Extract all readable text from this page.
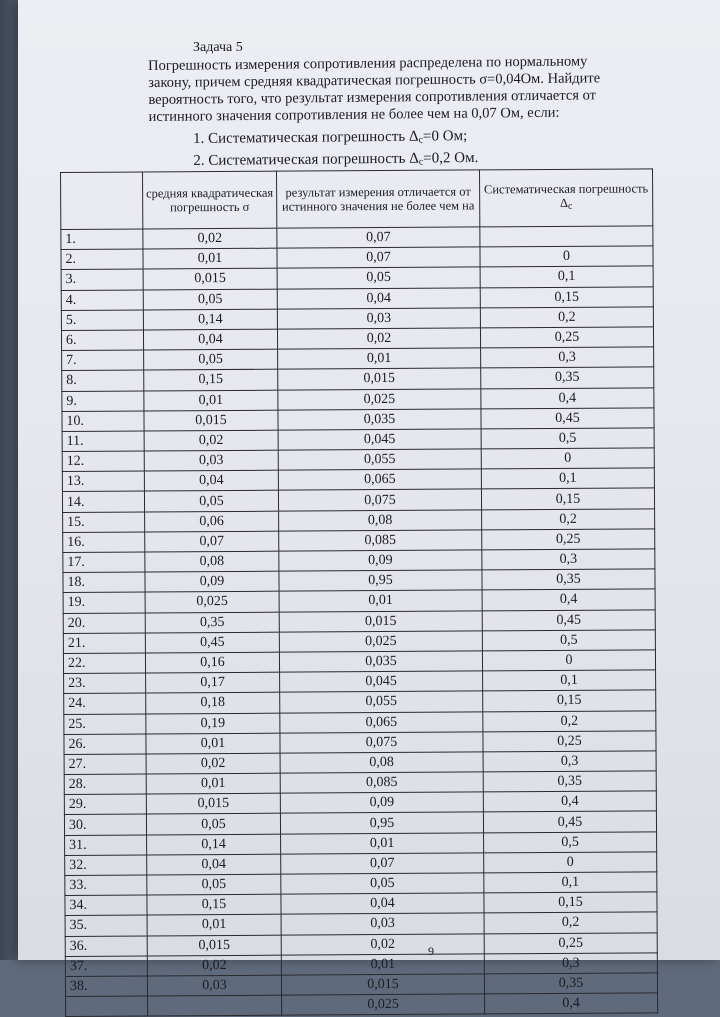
Задача 5
Погрешность измерения сопротивления распределена по нормальному
закону, причем средняя квадратическая погрешность σ=0,04Ом. Найдите
вероятность того, что результат измерения сопротивления отличается от
истинного значения сопротивления не более чем на 0,07 Ом, если:
1. Систематическая погрешность $\Delta_с=0$ Ом;
2. Систематическая погрешность $\Delta_с=0,2$ Ом.
	средняя квадратическая погрешность σ	результат измерения отличается от истинного значения не более чем на	Систематическая погрешность $\Delta_с$
1.	0,02	0,07	
2.	0,01	0,07	0
3.	0,015	0,05	0,1
4.	0,05	0,04	0,15
5.	0,14	0,03	0,2
6.	0,04	0,02	0,25
7.	0,05	0,01	0,3
8.	0,15	0,015	0,35
9.	0,01	0,025	0,4
10.	0,015	0,035	0,45
11.	0,02	0,045	0,5
12.	0,03	0,055	0
13.	0,04	0,065	0,1
14.	0,05	0,075	0,15
15.	0,06	0,08	0,2
16.	0,07	0,085	0,25
17.	0,08	0,09	0,3
18.	0,09	0,95	0,35
19.	0,025	0,01	0,4
20.	0,35	0,015	0,45
21.	0,45	0,025	0,5
22.	0,16	0,035	0
23.	0,17	0,045	0,1
24.	0,18	0,055	0,15
25.	0,19	0,065	0,2
26.	0,01	0,075	0,25
27.	0,02	0,08	0,3
28.	0,01	0,085	0,35
29.	0,015	0,09	0,4
30.	0,05	0,95	0,45
31.	0,14	0,01	0,5
32.	0,04	0,07	0
33.	0,05	0,05	0,1
34.	0,15	0,04	0,15
35.	0,01	0,03	0,2
36.	0,015	0,02	0,25
37.	0,02	0,01	0,3
38.	0,03	0,015	0,35
		0,025	0,4
9
